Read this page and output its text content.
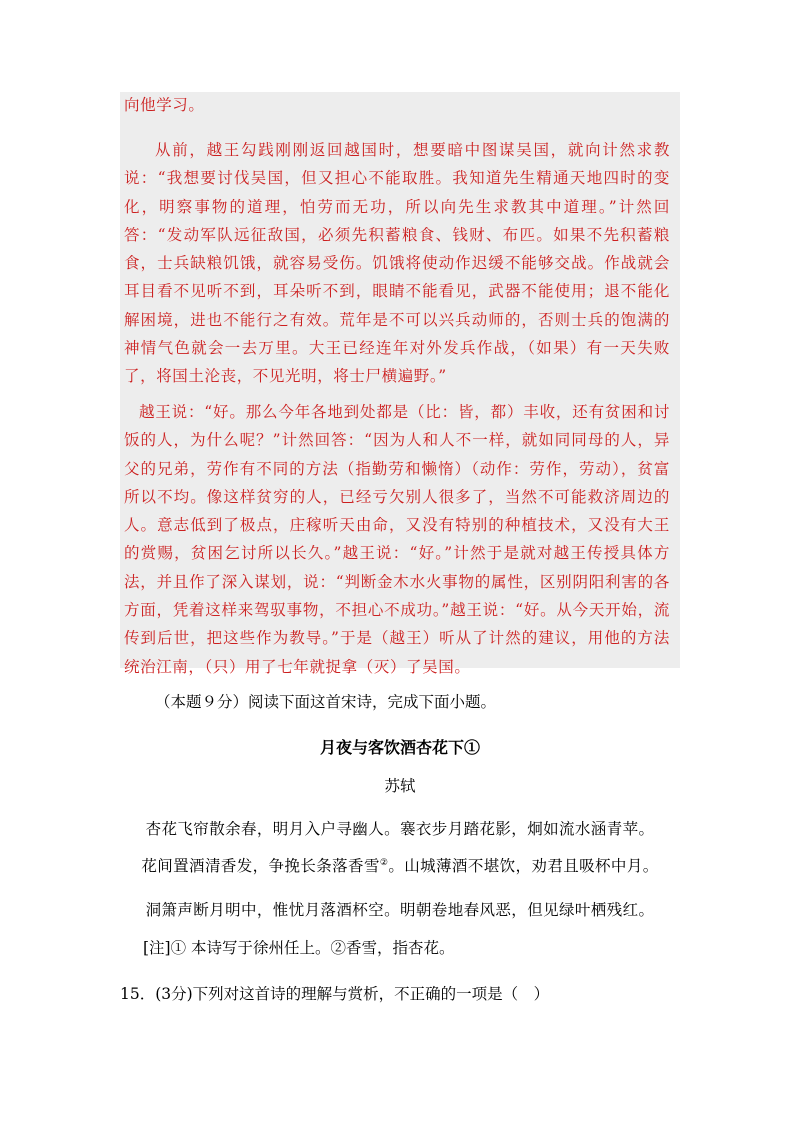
向他学习。

从前，越王勾践刚刚返回越国时，想要暗中图谋吴国，就向计然求教说：“我想要讨伐吴国，但又担心不能取胜。我知道先生精通天地四时的变化，明察事物的道理，怕劳而无功，所以向先生求教其中道理。”计然回答：“发动军队远征敌国，必须先积蓄粮食、钱财、布匹。如果不先积蓄粮食，士兵缺粮饥饿，就容易受伤。饥饿将使动作迟缓不能够交战。作战就会耳目看不见听不到，耳朵听不到，眼睛不能看见，武器不能使用；退不能化解困境，进也不能行之有效。荒年是不可以兴兵动师的，否则士兵的饱满的神情气色就会一去万里。大王已经连年对外发兵作战，（如果）有一天失败了，将国土沦丧，不见光明，将士尸横遍野。”

越王说：“好。那么今年各地到处都是（比：皆，都）丰收，还有贫困和讨饭的人，为什么呢？”计然回答：“因为人和人不一样，就如同同母的人，异父的兄弟，劳作有不同的方法（指勤劳和懒惰）（动作：劳作，劳动），贫富所以不均。像这样贫穷的人，已经亏欠别人很多了，当然不可能救济周边的人。意志低到了极点，庄稼听天由命，又没有特别的种植技术，又没有大王的赏赐，贫困乞讨所以长久。”越王说：“好。”计然于是就对越王传授具体方法，并且作了深入谋划，说：“判断金木水火事物的属性，区别阴阳利害的各方面，凭着这样来驾驭事物，不担心不成功。”越王说：“好。从今天开始，流传到后世，把这些作为教导。”于是（越王）听从了计然的建议，用他的方法统治江南，（只）用了七年就捉拿（灭）了吴国。

（本题９分）阅读下面这首宋诗，完成下面小题。

月夜与客饮酒杏花下①

苏轼

杏花飞帘散余春，明月入户寻幽人。褰衣步月踏花影，炯如流水涵青苹。

花间置酒清香发，争挽长条落香雪②。山城薄酒不堪饮，劝君且吸杯中月。

洞箫声断月明中，惟忧月落酒杯空。明朝卷地春风恶，但见绿叶栖残红。

[注]① 本诗写于徐州任上。②香雪，指杏花。

15．(3分)下列对这首诗的理解与赏析，不正确的一项是（　）
